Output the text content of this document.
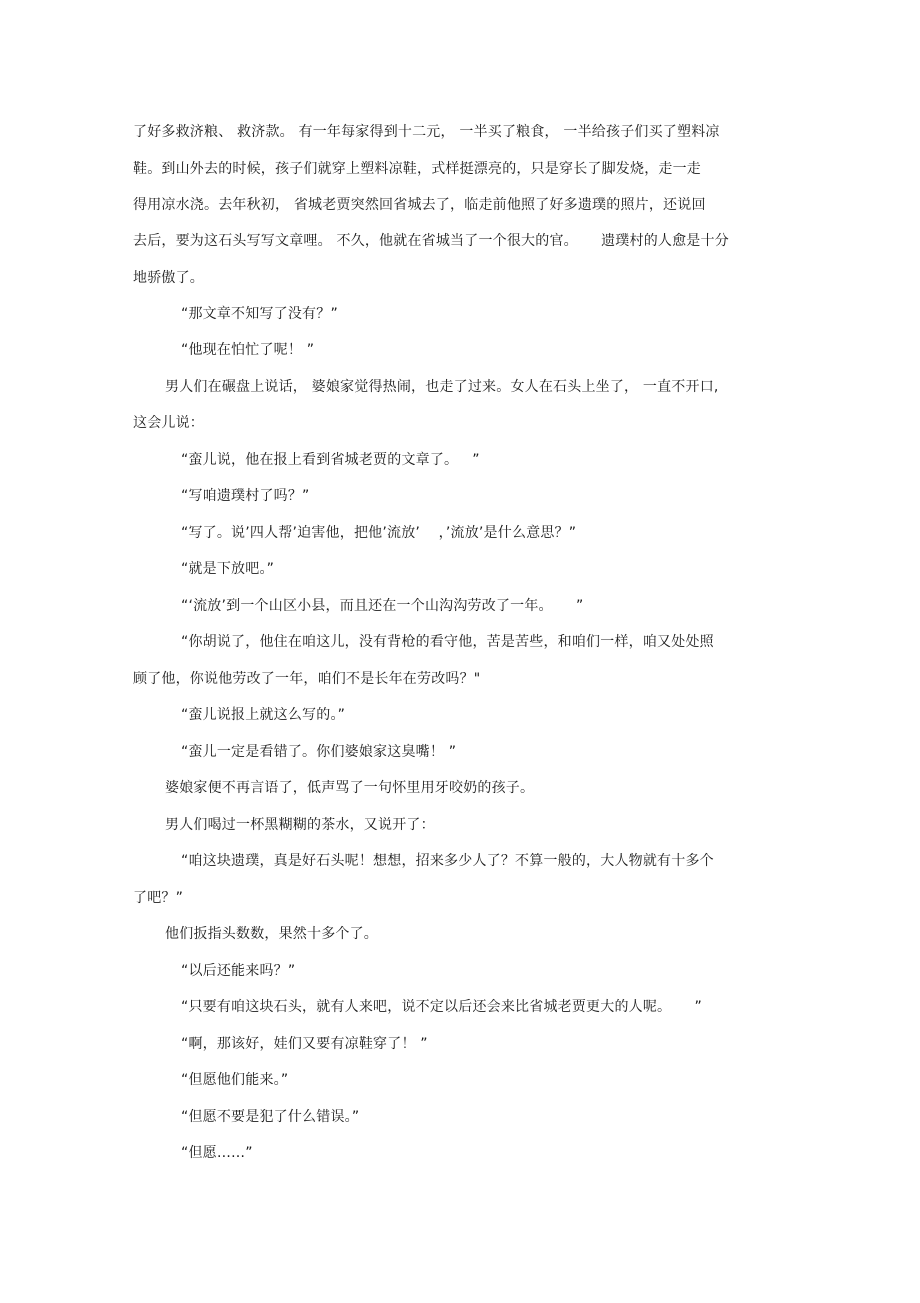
了好多救济粮、 救济款。 有一年每家得到十二元， 一半买了粮食， 一半给孩子们买了塑料凉
鞋。到山外去的时候，孩子们就穿上塑料凉鞋，式样挺漂亮的，只是穿长了脚发烧，走一走
得用凉水浇。去年秋初， 省城老贾突然回省城去了，临走前他照了好多遗璞的照片，还说回
去后，要为这石头写写文章哩。 不久，他就在省城当了一个很大的官。     遗璞村的人愈是十分
地骄傲了。
“那文章不知写了没有？”
“他现在怕忙了呢！ ”
男人们在碾盘上说话， 婆娘家觉得热闹，也走了过来。女人在石头上坐了， 一直不开口,
这会儿说：
“蛮儿说，他在报上看到省城老贾的文章了。   ”
“写咱遗璞村了吗？”
“写了。说’四人帮’迫害他，把他’流放’    ，’流放’是什么意思？”
“就是下放吧。”
“‘流放’到一个山区小县，而且还在一个山沟沟劳改了一年。     ”
“你胡说了，他住在咱这儿，没有背枪的看守他，苦是苦些，和咱们一样，咱又处处照
顾了他，你说他劳改了一年，咱们不是长年在劳改吗？"
“蛮儿说报上就这么写的。”
“蛮儿一定是看错了。你们婆娘家这臭嘴！ ”
婆娘家便不再言语了，低声骂了一句怀里用牙咬奶的孩子。
男人们喝过一杯黑糊糊的茶水，又说开了：
“咱这块遗璞，真是好石头呢！想想，招来多少人了？不算一般的，大人物就有十多个
了吧？”
他们扳指头数数，果然十多个了。
“以后还能来吗？”
“只要有咱这块石头，就有人来吧，说不定以后还会来比省城老贾更大的人呢。     ”
“啊，那该好，娃们又要有凉鞋穿了！ ”
“但愿他们能来。”
“但愿不要是犯了什么错误。”
“但愿……”
